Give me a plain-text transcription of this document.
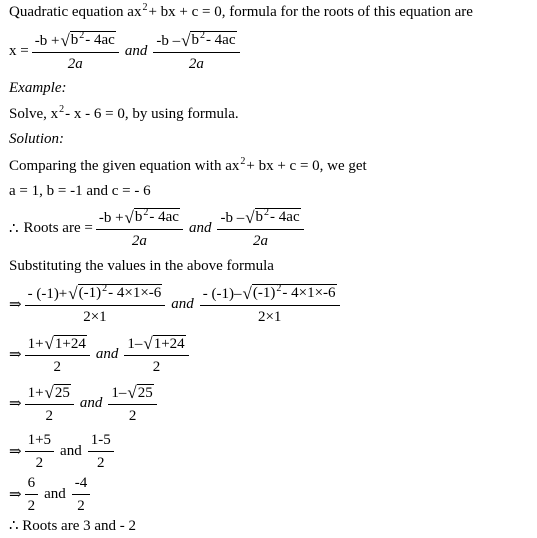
Quadratic equation $ax^2+$ bx + c = 0, formula for the roots of this equation are
$x = \frac{-b + √ b^2- 4ac}{2a}$ and $\frac{-b - √ b^2- 4ac}{2a}$
Example:
Solve, $x^2-$ x - 6 = 0, by using formula.
Solution:
Comparing the given equation with $ax^2+$ bx + c = 0, we get
a = 1, b = -1 and c = - 6
∴ Roots are = $\frac{-b + √ b^2- 4ac}{2a}$ and $\frac{-b - √ b^2- 4ac}{2a}$
Substituting the values in the above formula
⇒ $\frac{- (-1)+ √ (-1)^2- 4\times 1\times-6}{2\times 1}$ and $\frac{- (-1)- √ (-1)^2- 4\times 1\times-6}{2\times 1}$
⇒ $\frac{1+ √ 1+24}{2}$ and $\frac{1- √ 1+24}{2}$
⇒ $\frac{1+ √ 25}{2}$ and $\frac{1- √ 25}{2}$
⇒ $\frac{1+5}{2}$ and $\frac{1-5}{2}$
⇒ $\frac{6}{2}$ and $\frac{-4}{2}$
∴ Roots are 3 and - 2
